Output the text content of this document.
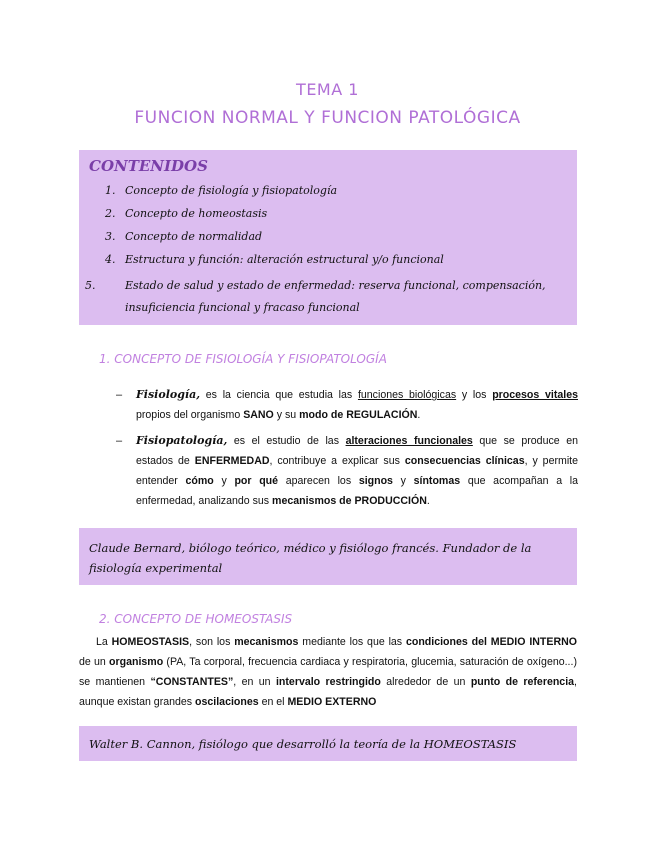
TEMA 1
FUNCION NORMAL Y FUNCION PATOLÓGICA
CONTENIDOS
1. Concepto de fisiología y fisiopatología
2. Concepto de homeostasis
3. Concepto de normalidad
4. Estructura y función: alteración estructural y/o funcional
5.	Estado de salud y estado de enfermedad: reserva funcional, compensación, insuficiencia funcional y fracaso funcional
1. CONCEPTO DE FISIOLOGÍA Y FISIOPATOLOGÍA
– Fisiología, es la ciencia que estudia las funciones biológicas y los procesos vitales propios del organismo SANO y su modo de REGULACIÓN.
– Fisiopatología, es el estudio de las alteraciones funcionales que se produce en estados de ENFERMEDAD, contribuye a explicar sus consecuencias clínicas, y permite entender cómo y por qué aparecen los signos y síntomas que acompañan a la enfermedad, analizando sus mecanismos de PRODUCCIÓN.
Claude Bernard, biólogo teórico, médico y fisiólogo francés. Fundador de la fisiología experimental
2. CONCEPTO DE HOMEOSTASIS
La HOMEOSTASIS, son los mecanismos mediante los que las condiciones del MEDIO INTERNO de un organismo (PA, Ta corporal, frecuencia cardiaca y respiratoria, glucemia, saturación de oxígeno...) se mantienen “CONSTANTES”, en un intervalo restringido alrededor de un punto de referencia, aunque existan grandes oscilaciones en el MEDIO EXTERNO
Walter B. Cannon, fisiólogo que desarrolló la teoría de la HOMEOSTASIS
